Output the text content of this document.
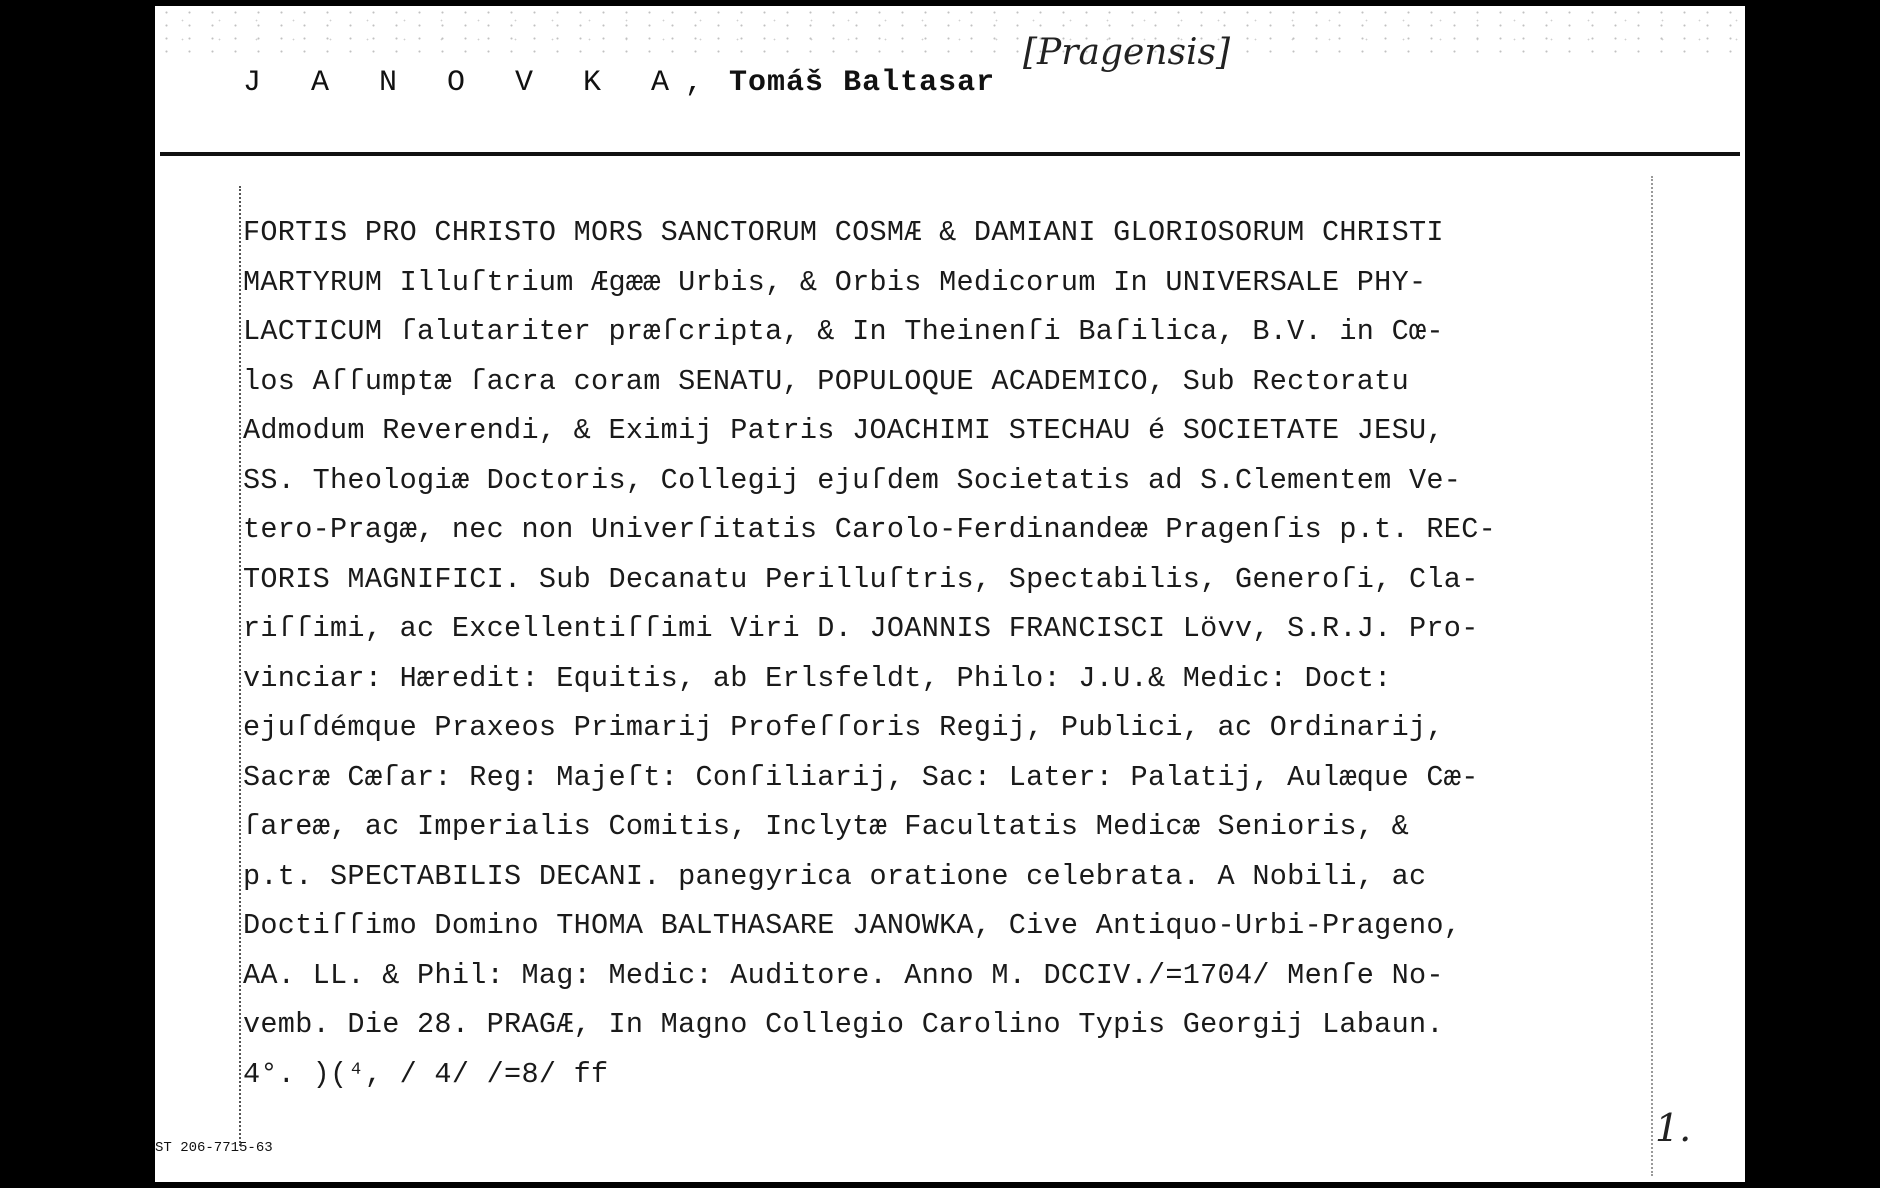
J A N O V K A, Tomáš Baltasar
[Pragensis]
FORTIS PRO CHRISTO MORS SANCTORUM COSMÆ & DAMIANI GLORIOSORUM CHRISTI
MARTYRUM Illuſtrium Ægææ Urbis, & Orbis Medicorum In UNIVERSALE PHY-
LACTICUM ſalutariter præſcripta, & In Theinenſi Baſilica, B.V. in Cœ-
los Aſſumptæ ſacra coram SENATU, POPULOQUE ACADEMICO, Sub Rectoratu
Admodum Reverendi, & Eximij Patris JOACHIMI STECHAU é SOCIETATE JESU,
SS. Theologiæ Doctoris, Collegij ejuſdem Societatis ad S.Clementem Ve-
tero-Pragæ, nec non Univerſitatis Carolo-Ferdinandeæ Pragenſis p.t. REC-
TORIS MAGNIFICI. Sub Decanatu Perilluſtris, Spectabilis, Generoſi, Cla-
riſſimi, ac Excellentiſſimi Viri D. JOANNIS FRANCISCI Lövv, S.R.J. Pro-
vinciar: Hæredit: Equitis, ab Erlsfeldt, Philo: J.U.& Medic: Doct:
ejuſdémque Praxeos Primarij Profeſſoris Regij, Publici, ac Ordinarij,
Sacræ Cæſar: Reg: Majeſt: Conſiliarij, Sac: Later: Palatij, Aulæque Cæ-
ſareæ, ac Imperialis Comitis, Inclytæ Facultatis Medicæ Senioris, &
p.t. SPECTABILIS DECANI. panegyrica oratione celebrata. A Nobili, ac
Doctiſſimo Domino THOMA BALTHASARE JANOWKA, Cive Antiquo-Urbi-Prageno,
AA. LL. & Phil: Mag: Medic: Auditore. Anno M. DCCIV./=1704/ Menſe No-
vemb. Die 28. PRAGÆ, In Magno Collegio Carolino Typis Georgij Labaun.
4°. )(⁴, / 4/ /=8/ ff
1.
ST 206-7715-63
